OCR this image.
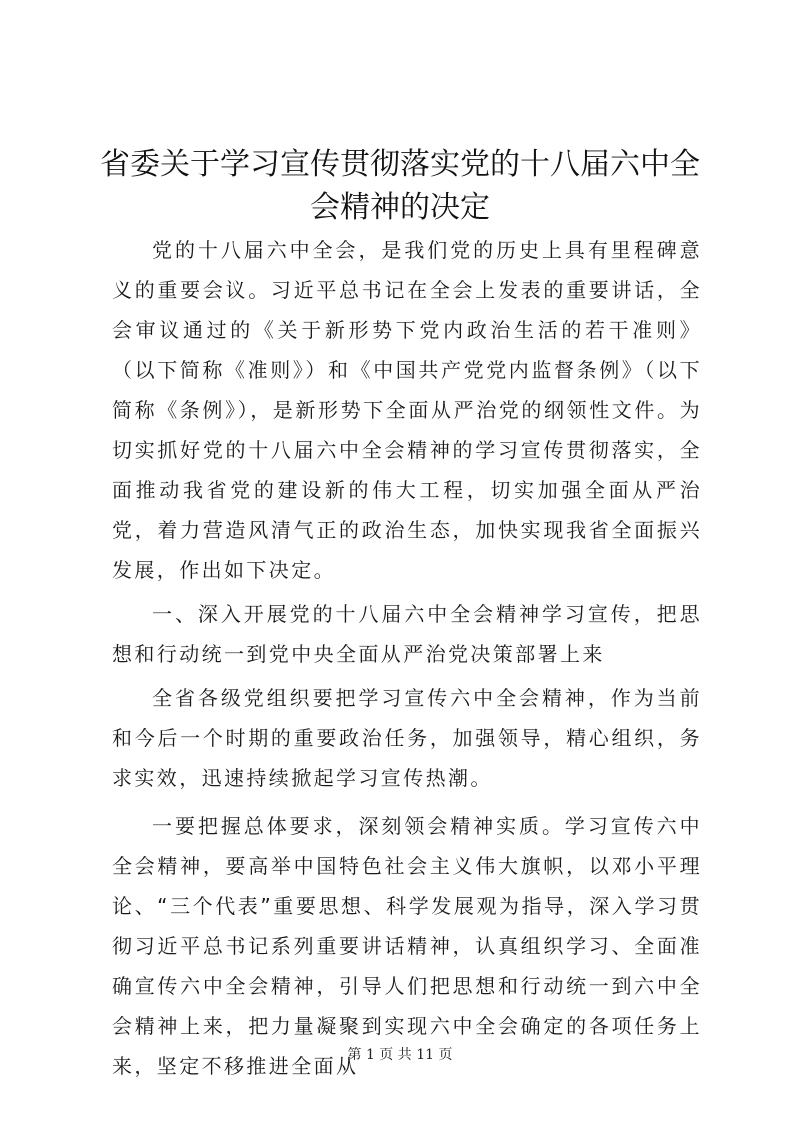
省委关于学习宣传贯彻落实党的十八届六中全会精神的决定

党的十八届六中全会，是我们党的历史上具有里程碑意义的重要会议。习近平总书记在全会上发表的重要讲话，全会审议通过的《关于新形势下党内政治生活的若干准则》（以下简称《准则》）和《中国共产党党内监督条例》（以下简称《条例》），是新形势下全面从严治党的纲领性文件。为切实抓好党的十八届六中全会精神的学习宣传贯彻落实，全面推动我省党的建设新的伟大工程，切实加强全面从严治党，着力营造风清气正的政治生态，加快实现我省全面振兴发展，作出如下决定。

一、深入开展党的十八届六中全会精神学习宣传，把思想和行动统一到党中央全面从严治党决策部署上来

全省各级党组织要把学习宣传六中全会精神，作为当前和今后一个时期的重要政治任务，加强领导，精心组织，务求实效，迅速持续掀起学习宣传热潮。

一要把握总体要求，深刻领会精神实质。学习宣传六中全会精神，要高举中国特色社会主义伟大旗帜，以邓小平理论、“三个代表”重要思想、科学发展观为指导，深入学习贯彻习近平总书记系列重要讲话精神，认真组织学习、全面准确宣传六中全会精神，引导人们把思想和行动统一到六中全会精神上来，把力量凝聚到实现六中全会确定的各项任务上来，坚定不移推进全面从

第 1 页 共 11 页
